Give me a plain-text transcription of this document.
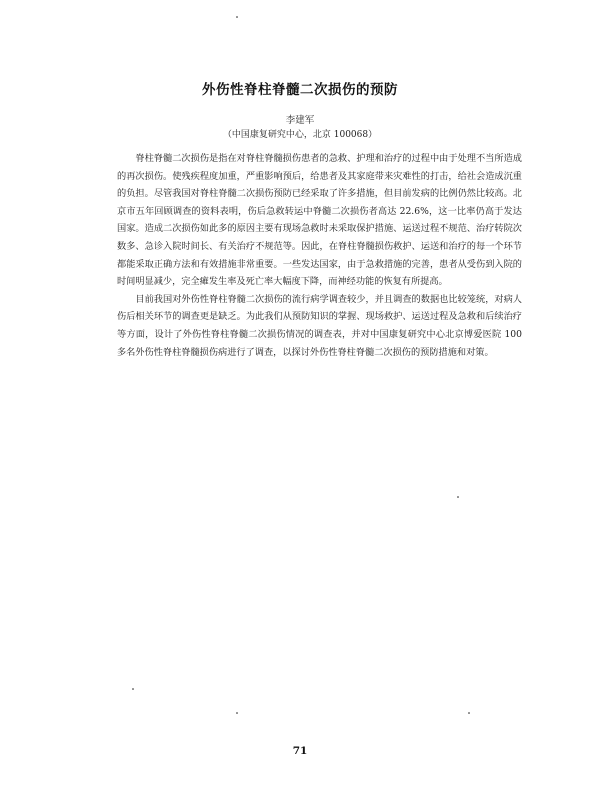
外伤性脊柱脊髓二次损伤的预防
李建军
（中国康复研究中心，北京 100068）

脊柱脊髓二次损伤是指在对脊柱脊髓损伤患者的急救、护理和治疗的过程中由于处理不当所造成的再次损伤。使残疾程度加重，严重影响预后，给患者及其家庭带来灾难性的打击，给社会造成沉重的负担。尽管我国对脊柱脊髓二次损伤预防已经采取了许多措施，但目前发病的比例仍然比较高。北京市五年回顾调查的资料表明，伤后急救转运中脊髓二次损伤者高达 22.6%，这一比率仍高于发达国家。造成二次损伤如此多的原因主要有现场急救时未采取保护措施、运送过程不规范、治疗转院次数多、急诊入院时间长、有关治疗不规范等。因此，在脊柱脊髓损伤救护、运送和治疗的每一个环节都能采取正确方法和有效措施非常重要。一些发达国家，由于急救措施的完善，患者从受伤到入院的时间明显减少，完全瘫发生率及死亡率大幅度下降，而神经功能的恢复有所提高。

目前我国对外伤性脊柱脊髓二次损伤的流行病学调查较少，并且调查的数据也比较笼统，对病人伤后相关环节的调查更是缺乏。为此我们从预防知识的掌握、现场救护、运送过程及急救和后续治疗等方面，设计了外伤性脊柱脊髓二次损伤情况的调查表，并对中国康复研究中心北京博爱医院 100 多名外伤性脊柱脊髓损伤病进行了调查，以探讨外伤性脊柱脊髓二次损伤的预防措施和对策。

71
